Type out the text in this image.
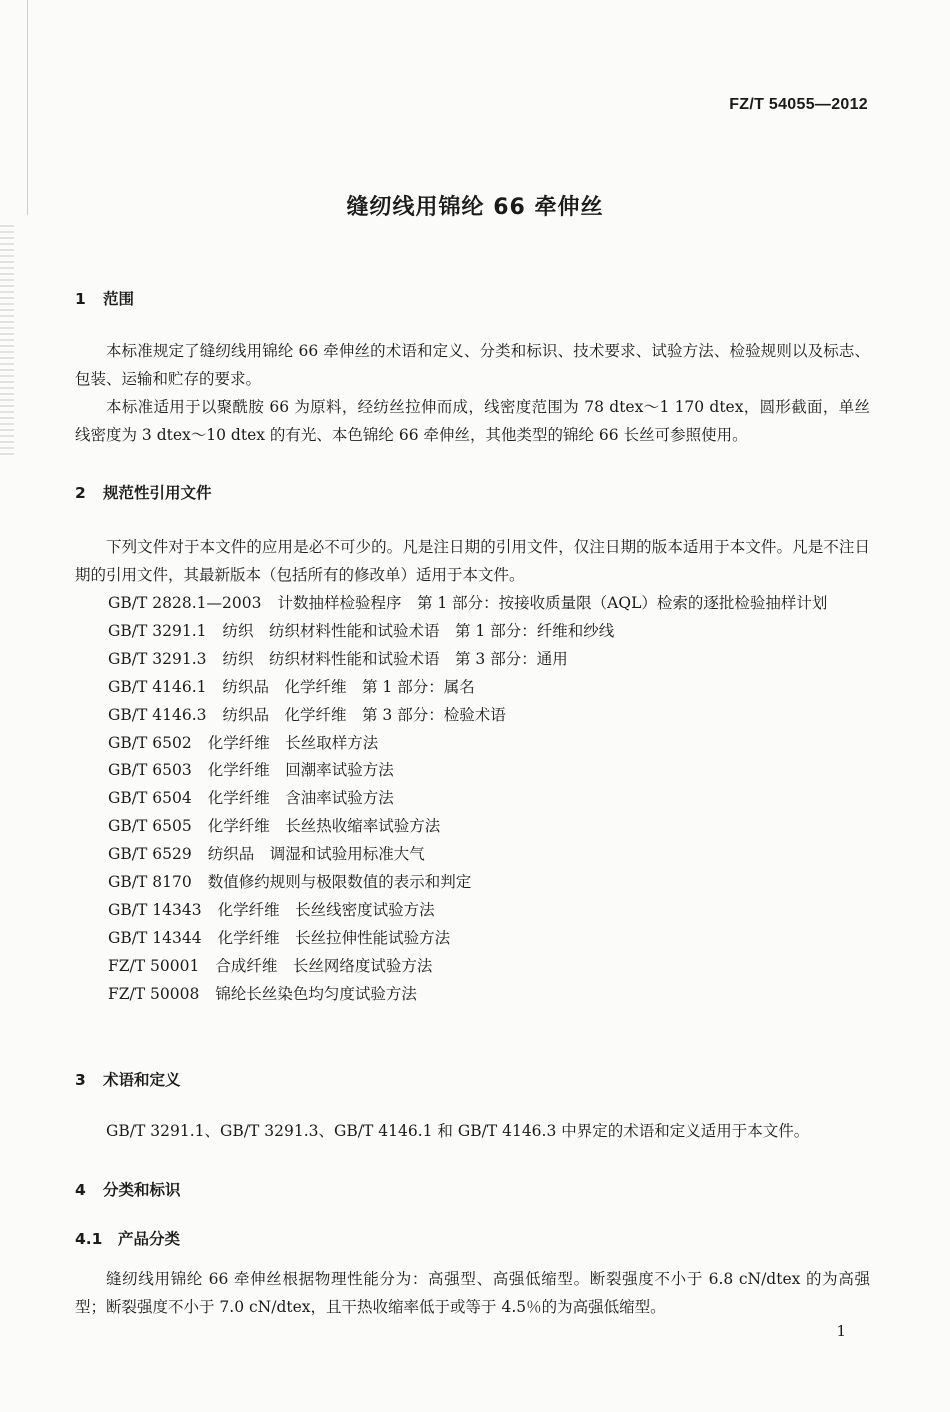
FZ/T 54055—2012
缝纫线用锦纶 66 牵伸丝
1 范围

本标准规定了缝纫线用锦纶 66 牵伸丝的术语和定义、分类和标识、技术要求、试验方法、检验规则以及标志、包装、运输和贮存的要求。

本标准适用于以聚酰胺 66 为原料，经纺丝拉伸而成，线密度范围为 78 dtex～1 170 dtex，圆形截面，单丝线密度为 3 dtex～10 dtex 的有光、本色锦纶 66 牵伸丝，其他类型的锦纶 66 长丝可参照使用。

2 规范性引用文件

下列文件对于本文件的应用是必不可少的。凡是注日期的引用文件，仅注日期的版本适用于本文件。凡是不注日期的引用文件，其最新版本（包括所有的修改单）适用于本文件。

GB/T 2828.1—2003 计数抽样检验程序　第 1 部分：按接收质量限（AQL）检索的逐批检验抽样计划
GB/T 3291.1 纺织　纺织材料性能和试验术语　第 1 部分：纤维和纱线
GB/T 3291.3 纺织　纺织材料性能和试验术语　第 3 部分：通用
GB/T 4146.1 纺织品　化学纤维　第 1 部分：属名
GB/T 4146.3 纺织品　化学纤维　第 3 部分：检验术语
GB/T 6502 化学纤维　长丝取样方法
GB/T 6503 化学纤维　回潮率试验方法
GB/T 6504 化学纤维　含油率试验方法
GB/T 6505 化学纤维　长丝热收缩率试验方法
GB/T 6529 纺织品　调湿和试验用标准大气
GB/T 8170 数值修约规则与极限数值的表示和判定
GB/T 14343 化学纤维　长丝线密度试验方法
GB/T 14344 化学纤维　长丝拉伸性能试验方法
FZ/T 50001 合成纤维　长丝网络度试验方法
FZ/T 50008 锦纶长丝染色均匀度试验方法
3 术语和定义

GB/T 3291.1、GB/T 3291.3、GB/T 4146.1 和 GB/T 4146.3 中界定的术语和定义适用于本文件。

4 分类和标识
4.1 产品分类

缝纫线用锦纶 66 牵伸丝根据物理性能分为：高强型、高强低缩型。断裂强度不小于 6.8 cN/dtex 的为高强型；断裂强度不小于 7.0 cN/dtex，且干热收缩率低于或等于 4.5％的为高强低缩型。

1
